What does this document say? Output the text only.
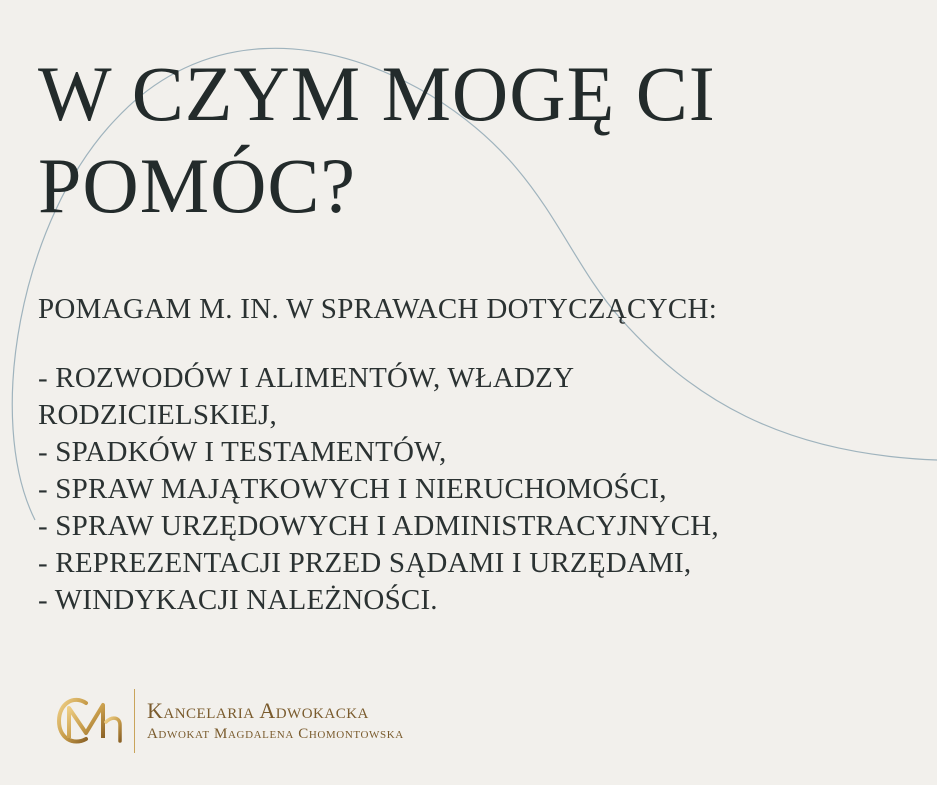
W CZYM MOGĘ CI
POMÓC?
POMAGAM M. IN. W SPRAWACH DOTYCZĄCYCH:
- ROZWODÓW I ALIMENTÓW, WŁADZY
RODZICIELSKIEJ,
- SPADKÓW I TESTAMENTÓW,
- SPRAW MAJĄTKOWYCH I NIERUCHOMOŚCI,
- SPRAW URZĘDOWYCH I ADMINISTRACYJNYCH,
- REPREZENTACJI PRZED SĄDAMI I URZĘDAMI,
- WINDYKACJI NALEŻNOŚCI.
Mh
Kancelaria Adwokacka
Adwokat Magdalena Chomontowska
